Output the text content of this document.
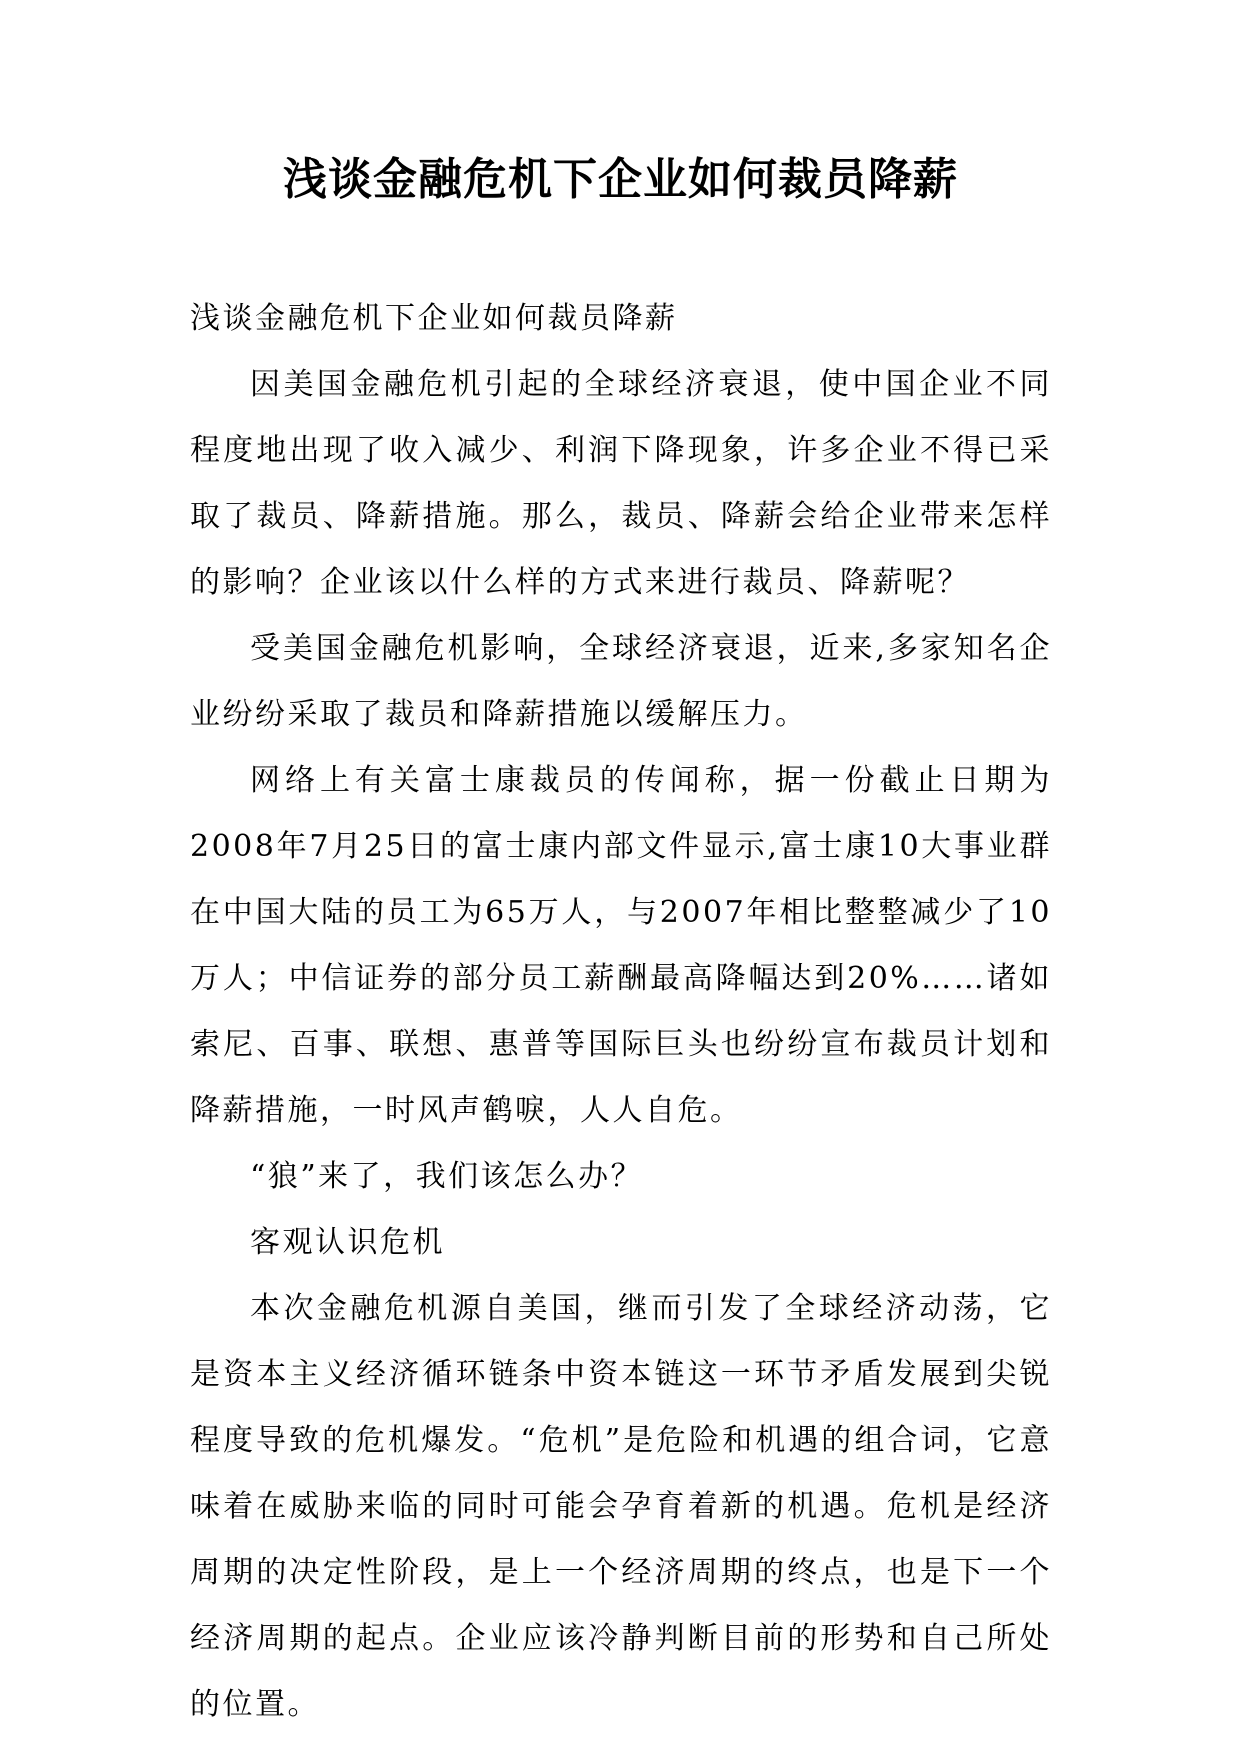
浅谈金融危机下企业如何裁员降薪

浅谈金融危机下企业如何裁员降薪

因美国金融危机引起的全球经济衰退，使中国企业不同程度地出现了收入减少、利润下降现象，许多企业不得已采取了裁员、降薪措施。那么，裁员、降薪会给企业带来怎样的影响？企业该以什么样的方式来进行裁员、降薪呢？

受美国金融危机影响，全球经济衰退，近来,多家知名企业纷纷采取了裁员和降薪措施以缓解压力。

网络上有关富士康裁员的传闻称，据一份截止日期为2008年7月25日的富士康内部文件显示,富士康10大事业群在中国大陆的员工为65万人，与2007年相比整整减少了10万人；中信证券的部分员工薪酬最高降幅达到20%……诸如索尼、百事、联想、惠普等国际巨头也纷纷宣布裁员计划和降薪措施，一时风声鹤唳，人人自危。

“狼”来了，我们该怎么办？

客观认识危机

本次金融危机源自美国，继而引发了全球经济动荡，它是资本主义经济循环链条中资本链这一环节矛盾发展到尖锐程度导致的危机爆发。“危机”是危险和机遇的组合词，它意味着在威胁来临的同时可能会孕育着新的机遇。危机是经济周期的决定性阶段，是上一个经济周期的终点，也是下一个经济周期的起点。企业应该冷静判断目前的形势和自己所处的位置。
